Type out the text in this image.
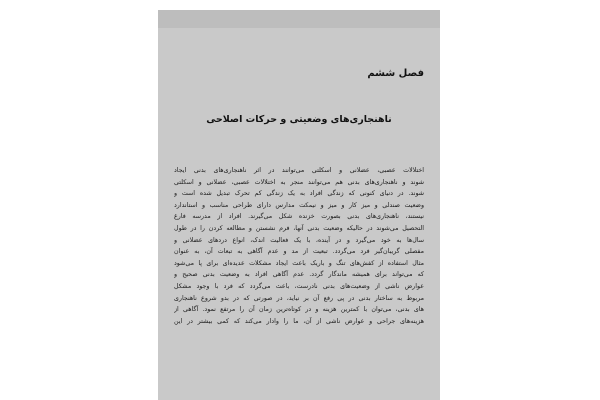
فصل ششم
ناهنجاری‌های وضعیتی و حرکات اصلاحی
اختلالات عصبی، عضلانی و اسکلتی می‌توانند در اثر ناهنجاری‌های بدنی ایجاد
شوند و ناهنجاری‌های بدنی هم می‌توانند منجر به اختلالات عصبی، عضلانی و اسکلتی
شوند. در دنیای کنونی که زندگی افراد به یک زندگی کم تحرک تبدیل شده است و
وضعیت صندلی و میز کار و میز و نیمکت مدارس دارای طراحی مناسب و استاندارد
نیستند، ناهنجاری‌های بدنی بصورت خزنده شکل می‌گیرند. افراد از مدرسه فارغ
التحصیل می‌شوند در حالیکه وضعیت بدنی آنها، فرم نشستن و مطالعه کردن را در طول
سال‌ها به خود می‌گیرد و در آینده، با یک فعالیت اندک، انواع دردهای عضلانی و
مفصلی گریبان‌گیر فرد می‌گردد. تبعیت از مد و عدم آگاهی به تبعات آن، به عنوان
مثال استفاده از کفش‌های تنگ و باریک باعث ایجاد مشکلات عدیده‌ای برای پا می‌شود
که می‌تواند برای همیشه ماندگار گردد. عدم آگاهی افراد به وضعیت بدنی صحیح و
عوارض ناشی از وضعیت‌های بدنی نادرست، باعث می‌گردد که فرد با وجود مشکل
مربوط به ساختار بدنی در پی رفع آن بر نیاید، در صورتی که در بدو شروع ناهنجاری
های بدنی، می‌توان با کمترین هزینه و در کوتاه‌ترین زمان آن را مرتفع نمود. آگاهی از
هزینه‌های جراحی و عوارض ناشی از آن، ما را وادار می‌کند که کمی بیشتر در این
